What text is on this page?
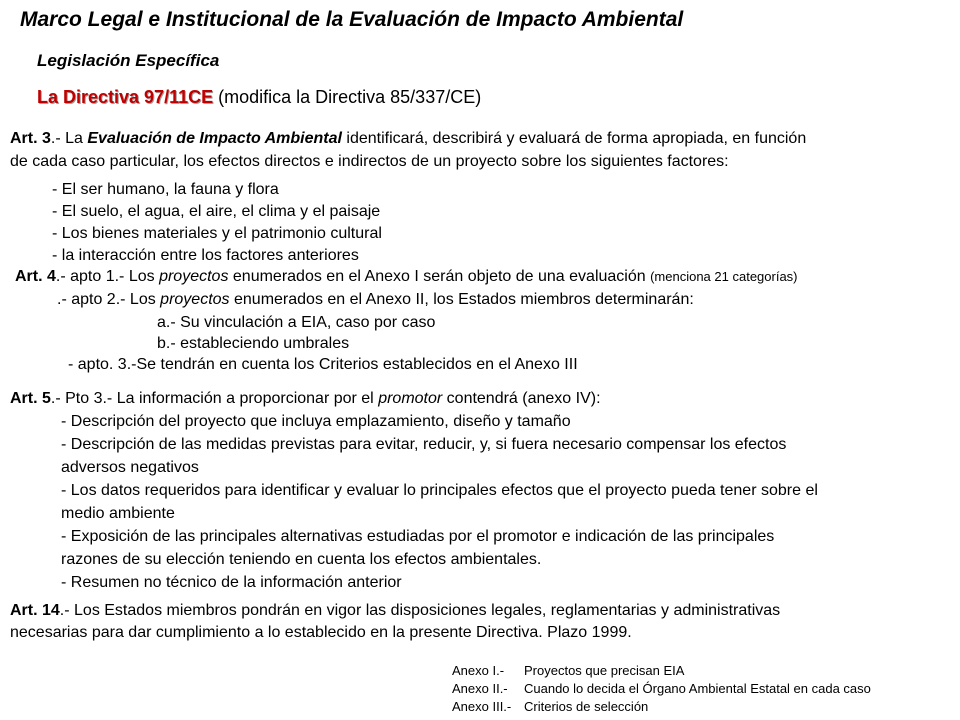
Marco Legal e Institucional de la Evaluación de Impacto Ambiental
Legislación Específica
La Directiva 97/11CE (modifica la Directiva 85/337/CE)
Art. 3.- La Evaluación de Impacto Ambiental identificará, describirá y evaluará de forma apropiada, en función
de cada caso particular, los efectos directos e indirectos de un proyecto sobre los siguientes factores:
- El ser humano, la fauna y flora
- El suelo, el agua, el aire, el clima y el paisaje
- Los bienes materiales y el patrimonio cultural
- la interacción entre los factores anteriores
Art. 4.- apto 1.- Los proyectos enumerados en el Anexo I serán objeto de una evaluación (menciona 21 categorías)
.- apto 2.- Los proyectos enumerados en el Anexo II, los Estados miembros determinarán:
a.- Su vinculación a EIA, caso por caso
b.- estableciendo umbrales
- apto. 3.-Se tendrán en cuenta los Criterios establecidos en el Anexo III
Art. 5.- Pto 3.- La información a proporcionar por el promotor contendrá (anexo IV):
- Descripción del proyecto que incluya emplazamiento, diseño y tamaño
- Descripción de las medidas previstas para evitar, reducir, y, si fuera necesario compensar los efectos
adversos negativos
- Los datos requeridos para identificar y evaluar lo principales efectos que el proyecto pueda tener sobre el
medio ambiente
- Exposición de las principales alternativas estudiadas por el promotor e indicación de las principales
razones de su elección teniendo en cuenta los efectos ambientales.
- Resumen no técnico de la información anterior
Art. 14.- Los Estados miembros pondrán en vigor las disposiciones legales, reglamentarias y administrativas
necesarias para dar cumplimiento a lo establecido en la presente Directiva. Plazo 1999.
Anexo I.- Proyectos que precisan EIA
Anexo II.- Cuando lo decida el Órgano Ambiental Estatal en cada caso
Anexo III.- Criterios de selección
